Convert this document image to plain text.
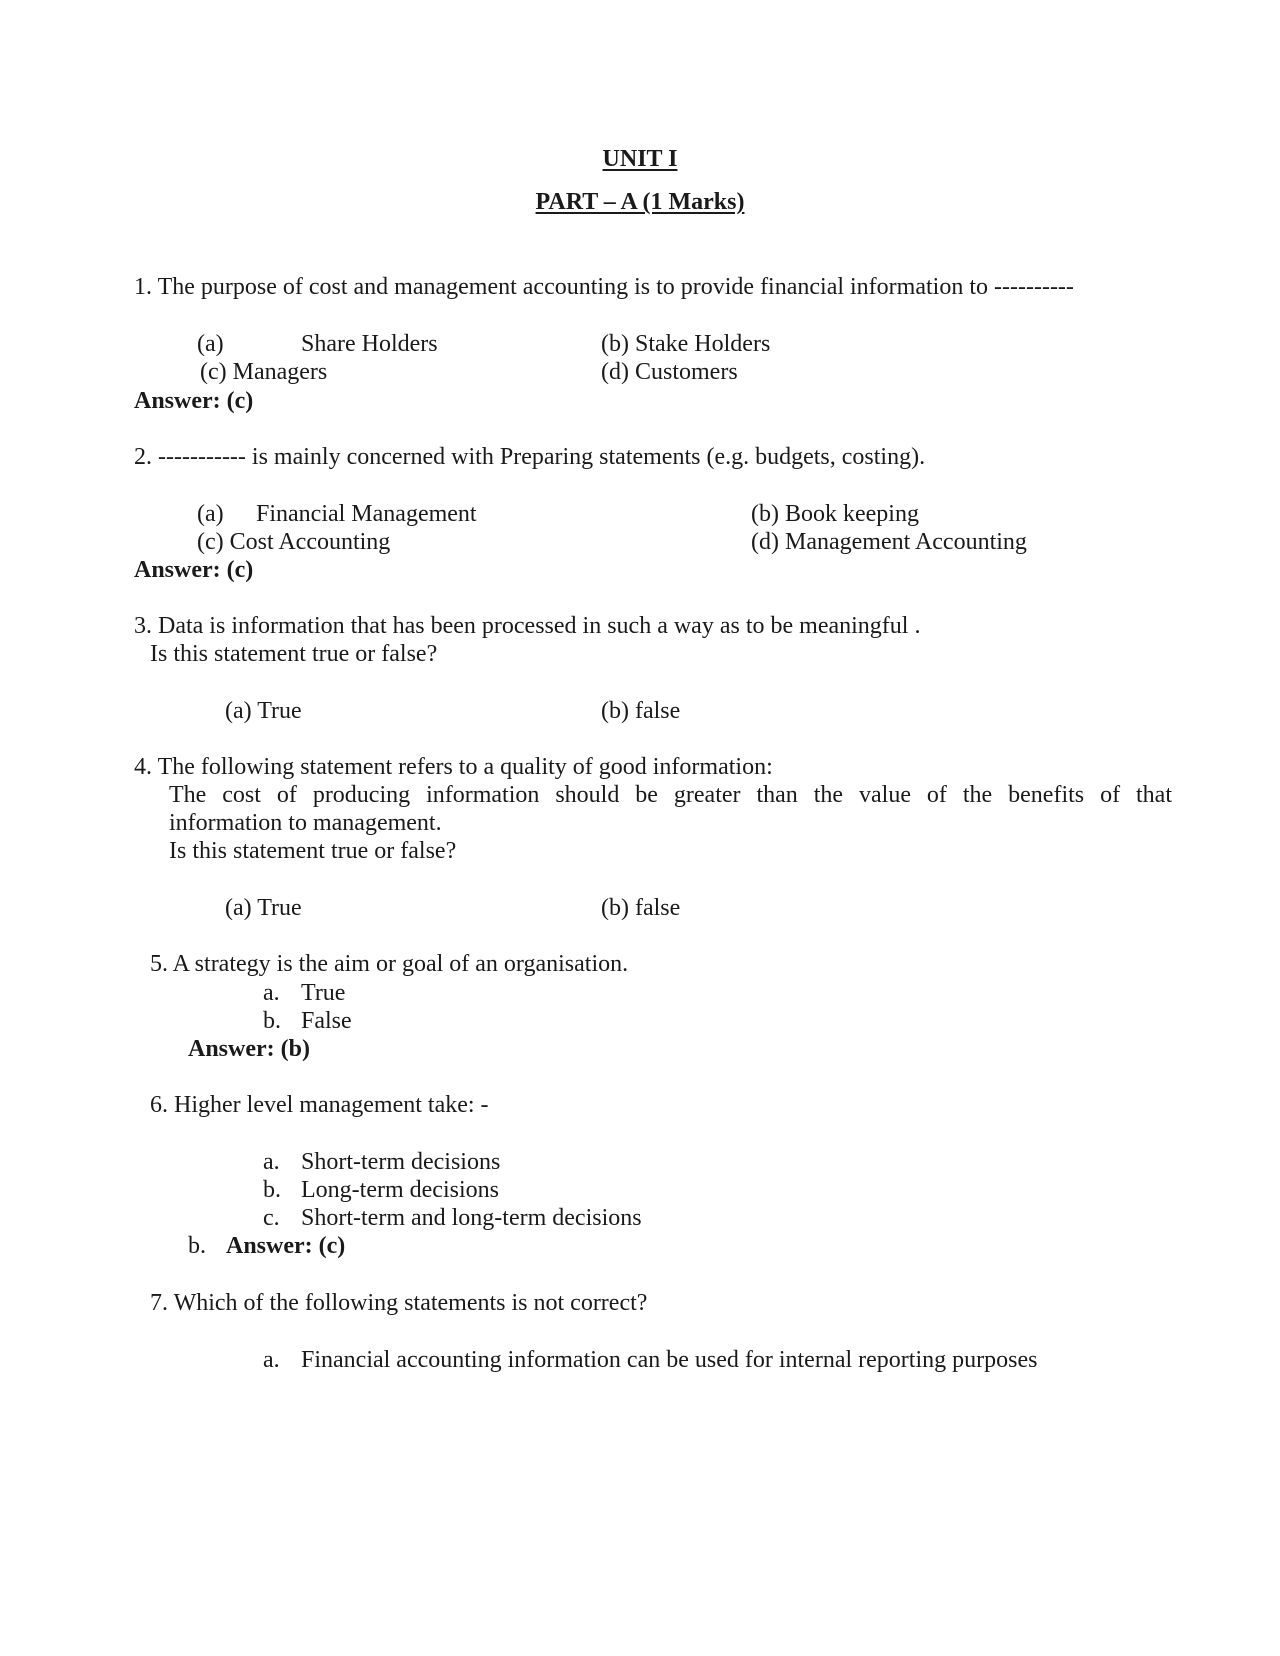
UNIT I
PART – A (1 Marks)
1. The purpose of cost and management accounting is to provide financial information to ----------
(a)	Share Holders	(b) Stake Holders
(c) Managers	(d) Customers
Answer: (c)
2. ----------- is mainly concerned with Preparing statements (e.g. budgets, costing).
(a) Financial Management	(b) Book keeping
(c) Cost Accounting	(d) Management Accounting
Answer: (c)
3. Data is information that has been processed in such a way as to be meaningful .
Is this statement true or false?
(a) True	(b) false
4. The following statement refers to a quality of good information:
The cost of producing information should be greater than the value of the benefits of that
information to management.
Is this statement true or false?
(a) True	(b) false
5. A strategy is the aim or goal of an organisation.
a. True
b. False
Answer: (b)
6. Higher level management take: -
a. Short-term decisions
b. Long-term decisions
c. Short-term and long-term decisions
b. Answer: (c)
7. Which of the following statements is not correct?
a. Financial accounting information can be used for internal reporting purposes
